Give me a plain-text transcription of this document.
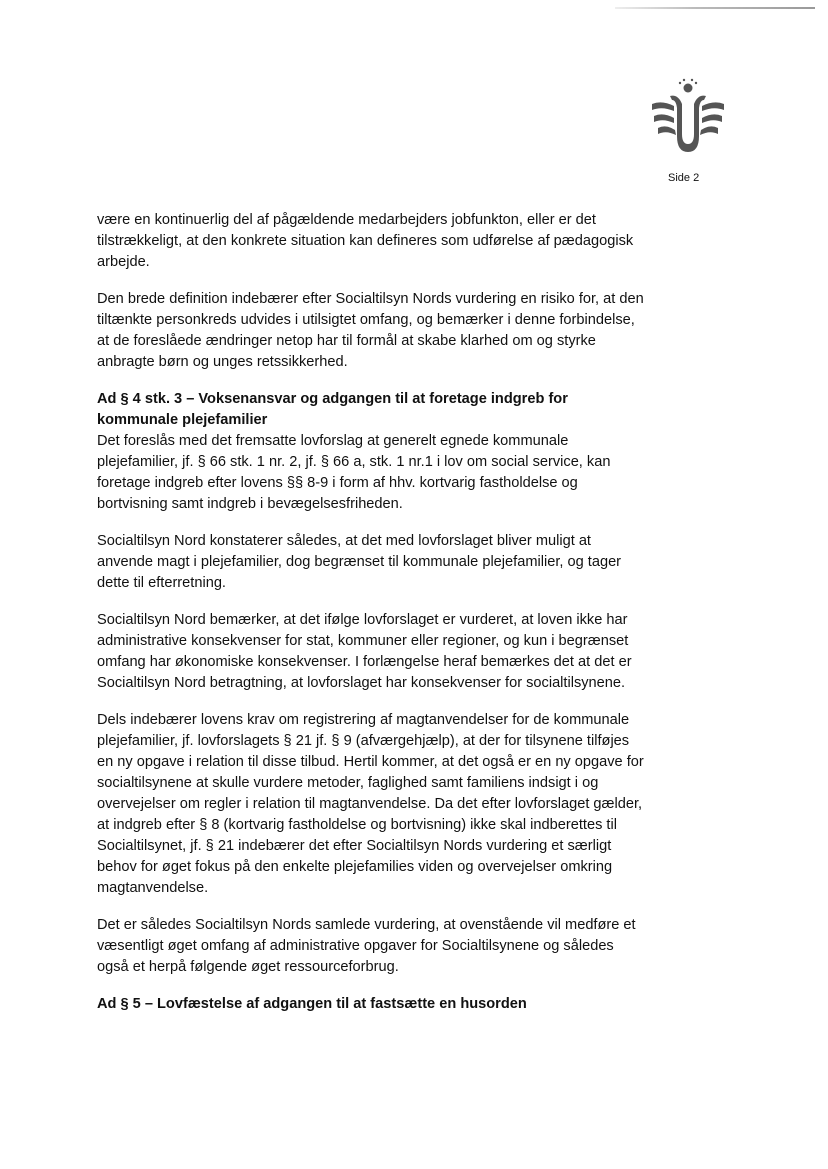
Side 2
være en kontinuerlig del af pågældende medarbejders jobfunkton, eller er det
tilstrækkeligt, at den konkrete situation kan defineres som udførelse af pædagogisk
arbejde.
Den brede definition indebærer efter Socialtilsyn Nords vurdering en risiko for, at den
tiltænkte personkreds udvides i utilsigtet omfang, og bemærker i denne forbindelse,
at de foreslåede ændringer netop har til formål at skabe klarhed om og styrke
anbragte børn og unges retssikkerhed.
Ad § 4 stk. 3 – Voksenansvar og adgangen til at foretage indgreb for
kommunale plejefamilier
Det foreslås med det fremsatte lovforslag at generelt egnede kommunale
plejefamilier, jf. § 66 stk. 1 nr. 2, jf. § 66 a, stk. 1 nr.1 i lov om social service, kan
foretage indgreb efter lovens §§ 8-9 i form af hhv. kortvarig fastholdelse og
bortvisning samt indgreb i bevægelsesfriheden.
Socialtilsyn Nord konstaterer således, at det med lovforslaget bliver muligt at
anvende magt i plejefamilier, dog begrænset til kommunale plejefamilier, og tager
dette til efterretning.
Socialtilsyn Nord bemærker, at det ifølge lovforslaget er vurderet, at loven ikke har
administrative konsekvenser for stat, kommuner eller regioner, og kun i begrænset
omfang har økonomiske konsekvenser. I forlængelse heraf bemærkes det at det er
Socialtilsyn Nord betragtning, at lovforslaget har konsekvenser for socialtilsynene.
Dels indebærer lovens krav om registrering af magtanvendelser for de kommunale
plejefamilier, jf. lovforslagets § 21 jf. § 9 (afværgehjælp), at der for tilsynene tilføjes
en ny opgave i relation til disse tilbud. Hertil kommer, at det også er en ny opgave for
socialtilsynene at skulle vurdere metoder, faglighed samt familiens indsigt i og
overvejelser om regler i relation til magtanvendelse. Da det efter lovforslaget gælder,
at indgreb efter § 8 (kortvarig fastholdelse og bortvisning) ikke skal indberettes til
Socialtilsynet, jf. § 21 indebærer det efter Socialtilsyn Nords vurdering et særligt
behov for øget fokus på den enkelte plejefamilies viden og overvejelser omkring
magtanvendelse.
Det er således Socialtilsyn Nords samlede vurdering, at ovenstående vil medføre et
væsentligt øget omfang af administrative opgaver for Socialtilsynene og således
også et herpå følgende øget ressourceforbrug.
Ad § 5 – Lovfæstelse af adgangen til at fastsætte en husorden
